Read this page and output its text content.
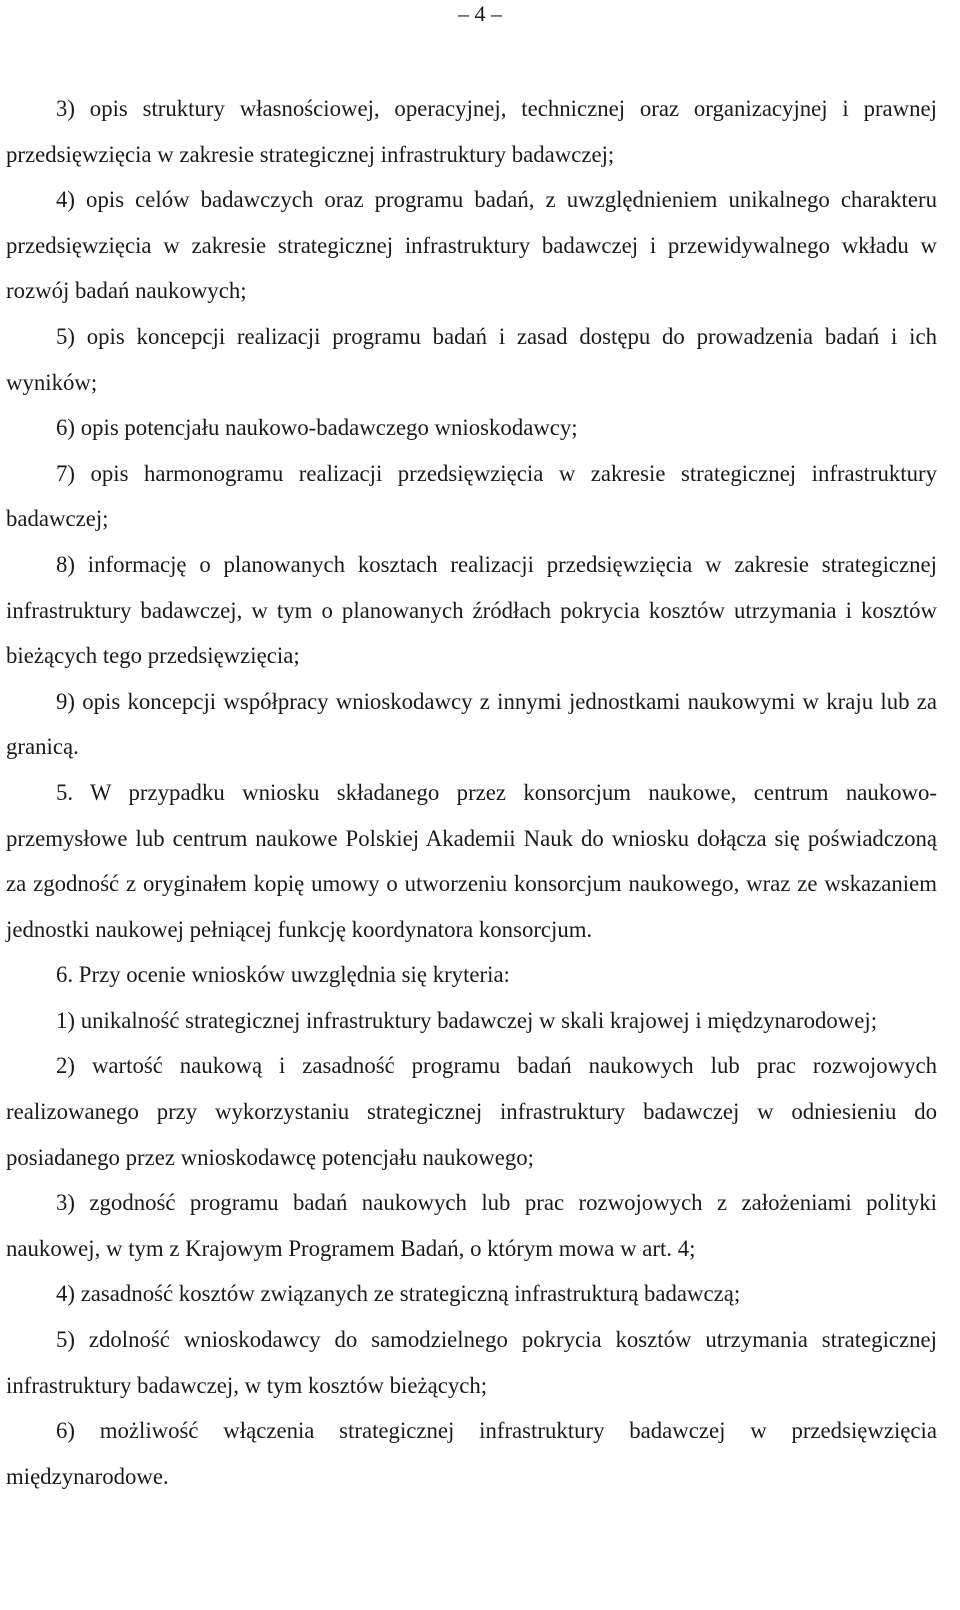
– 4 –

3) opis struktury własnościowej, operacyjnej, technicznej oraz organizacyjnej i prawnej przedsięwzięcia w zakresie strategicznej infrastruktury badawczej;

4) opis celów badawczych oraz programu badań, z uwzględnieniem unikalnego charakteru przedsięwzięcia w zakresie strategicznej infrastruktury badawczej i przewidywalnego wkładu w rozwój badań naukowych;

5) opis koncepcji realizacji programu badań i zasad dostępu do prowadzenia badań i ich wyników;

6) opis potencjału naukowo-badawczego wnioskodawcy;

7) opis harmonogramu realizacji przedsięwzięcia w zakresie strategicznej infrastruktury badawczej;

8) informację o planowanych kosztach realizacji przedsięwzięcia w zakresie strategicznej infrastruktury badawczej, w tym o planowanych źródłach pokrycia kosztów utrzymania i kosztów bieżących tego przedsięwzięcia;

9) opis koncepcji współpracy wnioskodawcy z innymi jednostkami naukowymi w kraju lub za granicą.

5. W przypadku wniosku składanego przez konsorcjum naukowe, centrum naukowo-przemysłowe lub centrum naukowe Polskiej Akademii Nauk do wniosku dołącza się poświadczoną za zgodność z oryginałem kopię umowy o utworzeniu konsorcjum naukowego, wraz ze wskazaniem jednostki naukowej pełniącej funkcję koordynatora konsorcjum.

6. Przy ocenie wniosków uwzględnia się kryteria:

1) unikalność strategicznej infrastruktury badawczej w skali krajowej i międzynarodowej;

2) wartość naukową i zasadność programu badań naukowych lub prac rozwojowych realizowanego przy wykorzystaniu strategicznej infrastruktury badawczej w odniesieniu do posiadanego przez wnioskodawcę potencjału naukowego;

3) zgodność programu badań naukowych lub prac rozwojowych z założeniami polityki naukowej, w tym z Krajowym Programem Badań, o którym mowa w art. 4;

4) zasadność kosztów związanych ze strategiczną infrastrukturą badawczą;

5) zdolność wnioskodawcy do samodzielnego pokrycia kosztów utrzymania strategicznej infrastruktury badawczej, w tym kosztów bieżących;

6) możliwość włączenia strategicznej infrastruktury badawczej w przedsięwzięcia międzynarodowe.
